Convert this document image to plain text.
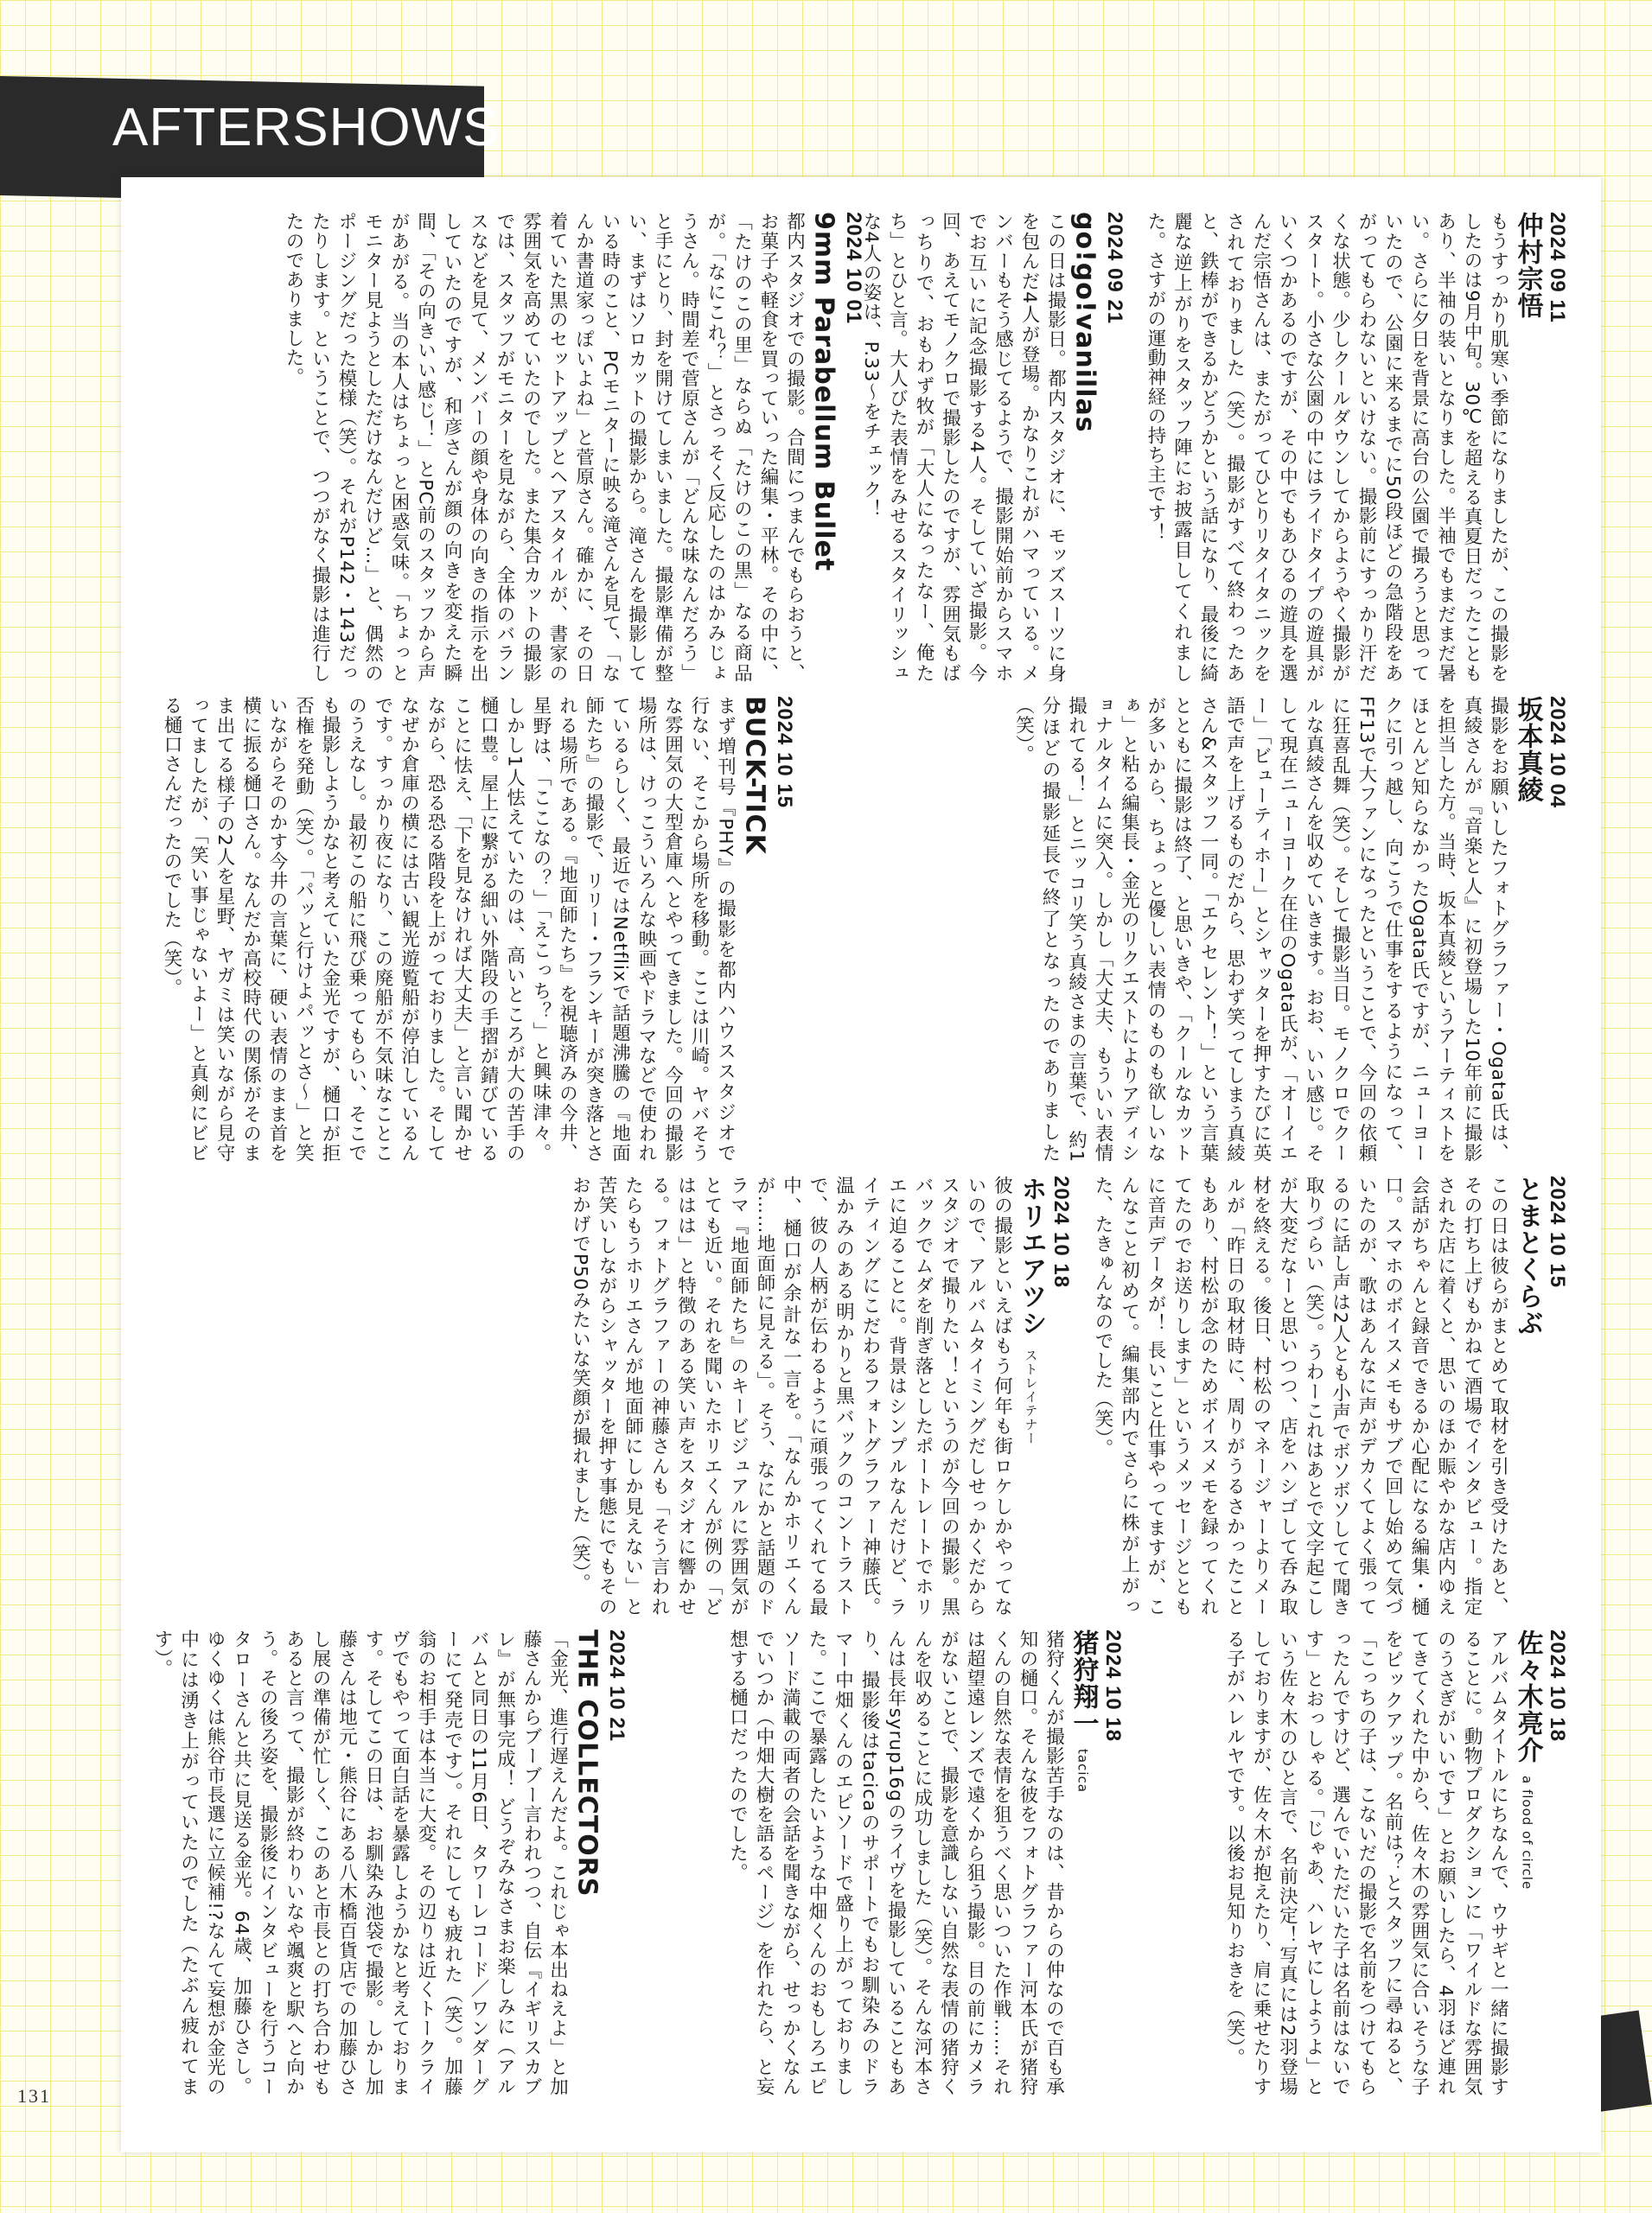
AFTERSHOWS
2024 09 11
仲村宗悟
もうすっかり肌寒い季節になりましたが、この撮影をしたのは9月中旬。30℃を超える真夏日だったこともあり、半袖の装いとなりました。半袖でもまだまだ暑い。さらに夕日を背景に高台の公園で撮ろうと思っていたので、公園に来るまでに50段ほどの急階段をあがってもらわないといけない。撮影前にすっかり汗だくな状態。少しクールダウンしてからようやく撮影がスタート。小さな公園の中にはライドタイプの遊具がいくつかあるのですが、その中でもあひるの遊具を選んだ宗悟さんは、またがってひとりリタイタニックをされておりました（笑）。撮影がすべて終わったあと、鉄棒ができるかどうかという話になり、最後に綺麗な逆上がりをスタッフ陣にお披露目してくれました。さすがの運動神経の持ち主です！
2024 09 21
go!go!vanillas
この日は撮影日。都内スタジオに、モッズスーツに身を包んだ4人が登場。かなりこれがハマっている。メンバーもそう感じてるようで、撮影開始前からスマホでお互いに記念撮影する4人。そしていざ撮影。今回、あえてモノクロで撮影したのですが、雰囲気もばっちりで、おもわず牧が「大人になったなー、俺たち」とひと言。大人びた表情をみせるスタイリッシュな4人の姿は、P.33〜をチェック！
2024 10 01
9mm Parabellum Bullet
都内スタジオでの撮影。合間につまんでもらおうと、お菓子や軽食を買っていった編集・平林。その中に、「たけのこの里」ならぬ「たけのこの黒」なる商品が。「なにこれ？」とさっそく反応したのはかみじょうさん。時間差で菅原さんが「どんな味なんだろう」と手にとり、封を開けてしまいました。撮影準備が整い、まずはソロカットの撮影から。滝さんを撮影している時のこと、PCモニターに映る滝さんを見て、「なんか書道家っぽいよね」と菅原さん。確かに、その日着ていた黒のセットアップとヘアスタイルが、書家の雰囲気を高めていたのでした。また集合カットの撮影では、スタッフがモニターを見ながら、全体のバランスなどを見て、メンバーの顔や身体の向きの指示を出していたのですが、和彦さんが顔の向きを変えた瞬間、「その向きいい感じ！」とPC前のスタッフから声があがる。当の本人はちょっと困惑気味。「ちょっとモニター見ようとしただけなんだけど…」と、偶然のポージングだった模様（笑）。それがP142・143だったりします。ということで、つつがなく撮影は進行したのでありました。
2024 10 04
坂本真綾
撮影をお願いしたフォトグラファー・Ogata氏は、真綾さんが『音楽と人』に初登場した10年前に撮影を担当した方。当時、坂本真綾というアーティストをほとんど知らなかったOgata氏ですが、ニューヨークに引っ越し、向こうで仕事をするようになって、FF13で大ファンになったということで、今回の依頼に狂喜乱舞（笑）。そして撮影当日。モノクロでクールな真綾さんを収めていきます。おお、いい感じ。そして現在ニューヨーク在住のOgata氏が、「オーイエー」「ビューティホー」とシャッターを押すたびに英語で声を上げるものだから、思わず笑ってしまう真綾さん&スタッフ一同。「エクセレント！」という言葉とともに撮影は終了、と思いきや、「クールなカットが多いから、ちょっと優しい表情のものも欲しいなぁ」と粘る編集長・金光のリクエストによりアディショナルタイムに突入。しかし「大丈夫、もういい表情撮れてる！」とニッコリ笑う真綾さまの言葉で、約1分ほどの撮影延長で終了となったのでありました（笑）。
2024 10 15
BUCK-TICK
まず増刊号『PHY』の撮影を都内ハウススタジオで行ない、そこから場所を移動。ここは川崎。ヤバそうな雰囲気の大型倉庫へとやってきました。今回の撮影場所は、けっこういろんな映画やドラマなどで使われているらしく、最近ではNetflixで話題沸騰の『地面師たち』の撮影で、リリー・フランキーが突き落とされる場所である。『地面師たち』を視聴済みの今井、星野は、「ここなの？」「えこっち？」と興味津々。しかし1人怯えていたのは、高いところが大の苦手の樋口豊。屋上に繋がる細い外階段の手摺が錆びていることに怯え、「下を見なければ大丈夫」と言い聞かせながら、恐る恐る階段を上がっておりました。そしてなぜか倉庫の横には古い観光遊覧船が停泊しているんです。すっかり夜になり、この廃船が不気味なことこのうえなし。最初この船に飛び乗ってもらい、そこでも撮影しようかなと考えていた金光ですが、樋口が拒否権を発動（笑）。「パッと行けよパッとさ〜」と笑いながらそのかす今井の言葉に、硬い表情のまま首を横に振る樋口さん。なんだか高校時代の関係がそのまま出てる様子の2人を星野、ヤガミは笑いながら見守ってましたが、「笑い事じゃないよー」と真剣にビビる樋口さんだったのでした（笑）。
2024 10 15
とまとくらぶ
この日は彼らがまとめて取材を引き受けたあと、その打ち上げもかねて酒場でインタビュー。指定された店に着くと、思いのほか賑やかな店内ゆえ会話がちゃんと録音できるか心配になる編集・樋口。スマホのボイスメモもサブで回し始めて気づいたのが、歌はあんなに声がデカくてよく張ってるのに話し声は2人とも小声でボソボソしてて聞き取りづらい（笑）。うわーこれはあとで文字起こしが大変だなーと思いつつ、店をハシゴして呑み取材を終える。後日、村松のマネージャーよりメールが「昨日の取材時に、周りがうるさかったこともあり、村松が念のためボイスメモを録ってくれてたのでお送りします」というメッセージとともに音声データが！ 長いこと仕事やってますが、こんなこと初めて。編集部内でさらに株が上がった、たきゅんなのでした（笑）。
2024 10 18
ホリエアツシストレイテナー
彼の撮影といえばもう何年も街ロケしかやってないので、アルバムタイミングだしせっかくだからスタジオで撮りたい！というのが今回の撮影。黒バックでムダを削ぎ落としたポートレートでホリエに迫ることに。背景はシンプルなんだけど、ライティングにこだわるフォトグラファー神藤氏。温かみのある明かりと黒バックのコントラストで、彼の人柄が伝わるように頑張ってくれてる最中、樋口が余計な一言を。「なんかホリエくんが……地面師に見える」。そう、なにかと話題のドラマ『地面師たち』のキービジュアルに雰囲気がとても近い。それを聞いたホリエくんが例の「どははは」と特徴のある笑い声をスタジオに響かせる。フォトグラファーの神藤さんも「そう言われたらもうホリエさんが地面師にしか見えない」と苦笑いしながらシャッターを押す事態にでもそのおかげでP50みたいな笑顔が撮れました（笑）。
2024 10 18
佐々木亮介a flood of circle
アルバムタイトルにちなんで、ウサギと一緒に撮影することに。動物プロダクションに「ワイルドな雰囲気のうさぎがいいです」とお願いしたら、4羽ほど連れてきてくれた中から、佐々木の雰囲気に合いそうな子をピックアップ。名前は？とスタッフに尋ねると、「こっちの子は、こないだの撮影で名前をつけてもらったんですけど、選んでいただいた子は名前はないです」とおっしゃる。「じゃあ、ハレヤにしようよ」という佐々木のひと言で、名前決定！写真には2羽登場しておりますが、佐々木が抱えたり、肩に乗せたりする子がハレルヤです。以後お見知りおきを（笑）。
2024 10 18
猪狩翔一tacica
猪狩くんが撮影苦手なのは、昔からの仲なので百も承知の樋口。そんな彼をフォトグラファー河本氏が猪狩くんの自然な表情を狙うべく思いついた作戦……それは超望遠レンズで遠くから狙う撮影。目の前にカメラがないことで、撮影を意識しない自然な表情の猪狩くんを収めることに成功しました（笑）。そんな河本さんは長年syrup16gのライヴを撮影していることもあり、撮影後はtacicaのサポートでもお馴染みのドラマー中畑くんのエピソードで盛り上がっておりました。ここで暴露したいような中畑くんのおもしろエピソード満載の両者の会話を聞きながら、せっかくなんでいつか（中畑大樹を語るページ）を作れたら、と妄想する樋口だったのでした。
2024 10 21
THE COLLECTORS
「金光、進行遅えんだよ。これじゃ本出ねえよ」と加藤さんからブーブー言われつつ、自伝『イギリスカブレ』が無事完成！ どうぞみなさまお楽しみに（アルバムと同日の11月6日、タワーレコード／ワンダーグーにて発売です）。それにしても疲れた（笑）。加藤翁のお相手は本当に大変。その辺りは近くトークライヴでもやって面白話を暴露しようかなと考えております。そしてこの日は、お馴染み池袋で撮影。しかし加藤さんは地元・熊谷にある八木橋百貨店での加藤ひさし展の準備が忙しく、このあと市長との打ち合わせもあると言って、撮影が終わりいなや颯爽と駅へと向かう。その後ろ姿を、撮影後にインタビューを行うコータローさんと共に見送る金光。64歳、加藤ひさし。ゆくゆくは熊谷市長選に立候補!?なんて妄想が金光の中には湧き上がっていたのでした（たぶん疲れてます）。
131
